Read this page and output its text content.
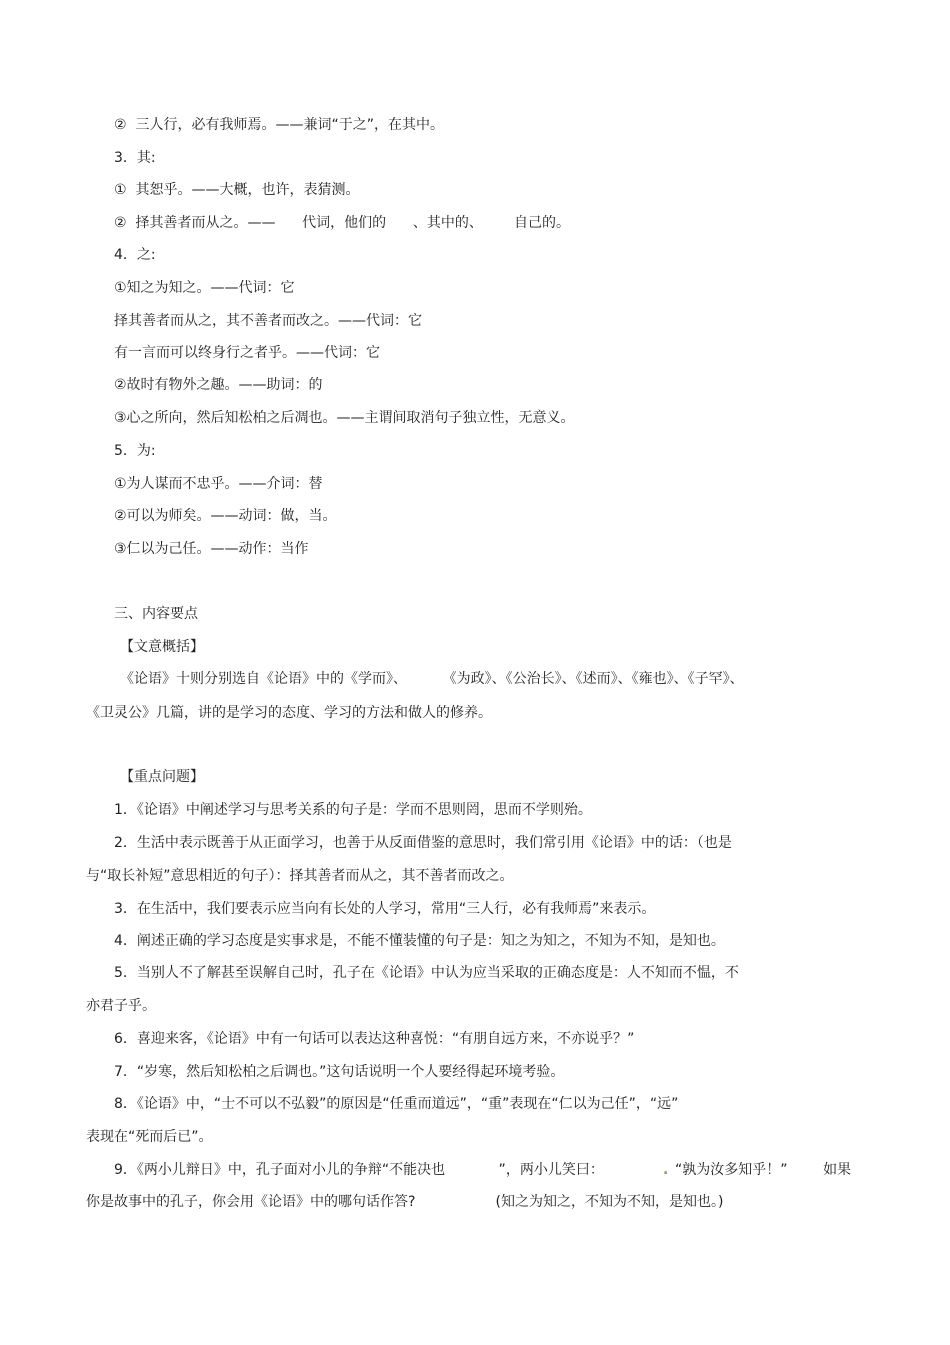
②  三人行，必有我师焉。——兼词“于之”，在其中。
3．其:
①  其恕乎。——大概，也许，表猜测。
②  择其善者而从之。——      代词，他们的      、其中的、       自己的。
4．之:
①知之为知之。——代词：它
择其善者而从之，其不善者而改之。——代词：它
有一言而可以终身行之者乎。——代词：它
②故时有物外之趣。——助词：的
③心之所向，然后知松柏之后凋也。——主谓间取消句子独立性，无意义。
5．为:
①为人谋而不忠乎。——介词：替
②可以为师矣。——动词：做，当。
③仁以为己任。——动作：当作
三、内容要点
【文意概括】
《论语》十则分别选自《论语》中的《学而》、        《为政》、《公治长》、《述而》、《雍也》、《子罕》、
《卫灵公》几篇，讲的是学习的态度、学习的方法和做人的修养。
【重点问题】
1．《论语》中阐述学习与思考关系的句子是：学而不思则罔，思而不学则殆。
2．生活中表示既善于从正面学习，也善于从反面借鉴的意思时，我们常引用《论语》中的话：（也是
与“取长补短”意思相近的句子）：择其善者而从之，其不善者而改之。
3．在生活中，我们要表示应当向有长处的人学习，常用“三人行，必有我师焉”来表示。
4．阐述正确的学习态度是实事求是，不能不懂装懂的句子是：知之为知之，不知为不知，是知也。
5．当别人不了解甚至误解自己时，孔子在《论语》中认为应当采取的正确态度是：人不知而不愠，不
亦君子乎。
6．喜迎来客，《论语》中有一句话可以表达这种喜悦：“有朋自远方来，不亦说乎？”
7．“岁寒，然后知松柏之后调也。”这句话说明一个人要经得起环境考验。
8．《论语》中，“士不可以不弘毅”的原因是“任重而道远”，“重”表现在“仁以为己任”，“远”
表现在“死而后已”。
9．《两小儿辩日》中，孔子面对小儿的争辩“不能决也            ”，两小儿笑曰：	. “孰为汝多知乎！”        如果
你是故事中的孔子，你会用《论语》中的哪句话作答?                  (知之为知之，不知为不知，是知也。)
